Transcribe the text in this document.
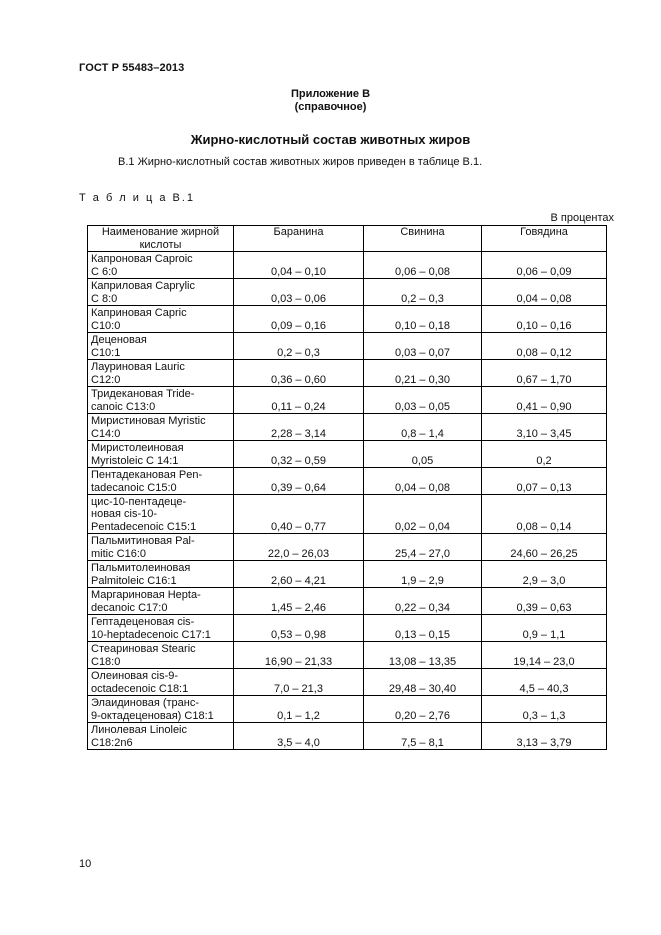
ГОСТ Р 55483–2013
Приложение В
(справочное)
Жирно-кислотный состав животных жиров
В.1 Жирно-кислотный состав животных жиров приведен в таблице В.1.
Т а б л и ц а В.1
В процентах
Наименование жирной кислоты	Баранина	Свинина	Говядина
Капроновая Caproic
C 6:0	0,04 – 0,10	0,06 – 0,08	0,06 – 0,09
Каприловая Caprylic
C 8:0	0,03 – 0,06	0,2 – 0,3	0,04 – 0,08
Каприновая Capric
C10:0	0,09 – 0,16	0,10 – 0,18	0,10 – 0,16
Деценовая
C10:1	0,2 – 0,3	0,03 – 0,07	0,08 – 0,12
Лауриновая Lauric
C12:0	0,36 – 0,60	0,21 – 0,30	0,67 – 1,70
Тридекановая Tride-
canoic C13:0	0,11 – 0,24	0,03 – 0,05	0,41 – 0,90
Миристиновая Myristic
C14:0	2,28 – 3,14	0,8 – 1,4	3,10 – 3,45
Миристолеиновая
Myristoleic C 14:1	0,32 – 0,59	0,05	0,2
Пентадекановая Pen-
tadecanoic C15:0	0,39 – 0,64	0,04 – 0,08	0,07 – 0,13
цис-10-пентадеце-
новая cis-10-
Pentadecenoic C15:1	0,40 – 0,77	0,02 – 0,04	0,08 – 0,14
Пальмитиновая Pal-
mitic C16:0	22,0 – 26,03	25,4 – 27,0	24,60 – 26,25
Пальмитолеиновая
Palmitoleic C16:1	2,60 – 4,21	1,9 – 2,9	2,9 – 3,0
Маргариновая Hepta-
decanoic C17:0	1,45 – 2,46	0,22 – 0,34	0,39 – 0,63
Гептадеценовая cis-
10-heptadecenoic C17:1	0,53 – 0,98	0,13 – 0,15	0,9 – 1,1
Стеариновая Stearic
C18:0	16,90 – 21,33	13,08 – 13,35	19,14 – 23,0
Олеиновая cis-9-
octadecenoic C18:1	7,0 – 21,3	29,48 – 30,40	4,5 – 40,3
Элаидиновая (транс-
9-октадеценовая) C18:1	0,1 – 1,2	0,20 – 2,76	0,3 – 1,3
Линолевая Linoleic
C18:2n6	3,5 – 4,0	7,5 – 8,1	3,13 – 3,79
10
